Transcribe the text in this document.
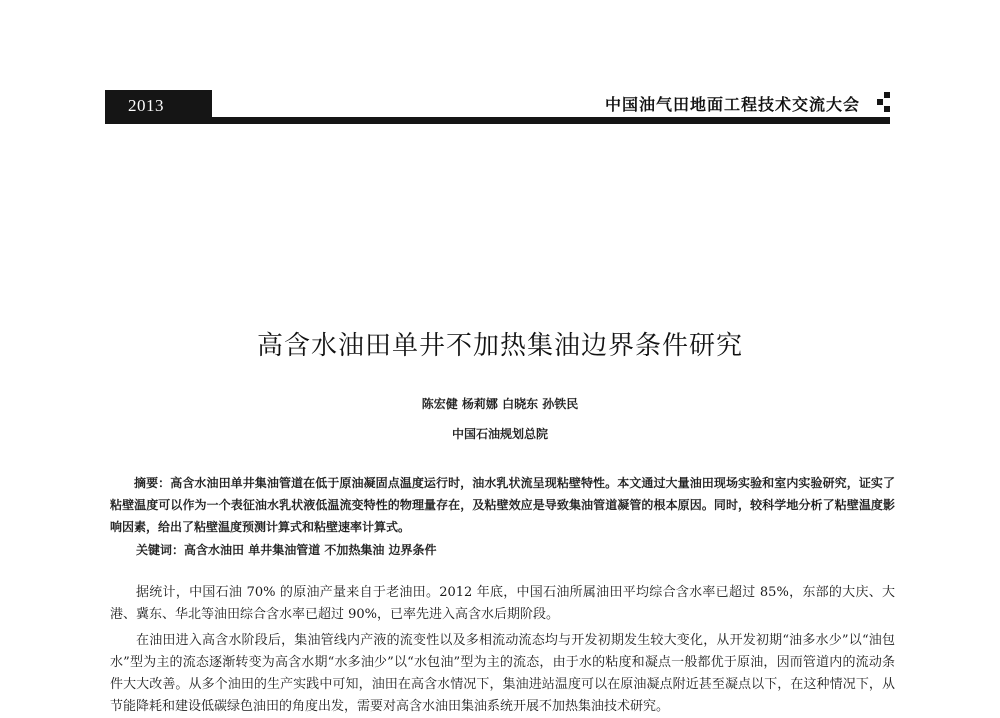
2013	中国油气田地面工程技术交流大会
高含水油田单井不加热集油边界条件研究
陈宏健 杨莉娜 白晓东 孙铁民
中国石油规划总院

摘要：高含水油田单井集油管道在低于原油凝固点温度运行时，油水乳状流呈现粘壁特性。本文通过大量油田现场实验和室内实验研究，证实了粘壁温度可以作为一个表征油水乳状液低温流变特性的物理量存在，及粘壁效应是导致集油管道凝管的根本原因。同时，较科学地分析了粘壁温度影响因素，给出了粘壁温度预测计算式和粘壁速率计算式。

关键词：高含水油田 单井集油管道 不加热集油 边界条件

据统计，中国石油 70% 的原油产量来自于老油田。2012 年底，中国石油所属油田平均综合含水率已超过 85%，东部的大庆、大港、冀东、华北等油田综合含水率已超过 90%，已率先进入高含水后期阶段。

在油田进入高含水阶段后，集油管线内产液的流变性以及多相流动流态均与开发初期发生较大变化，从开发初期“油多水少”以“油包水”型为主的流态逐渐转变为高含水期“水多油少”以“水包油”型为主的流态，由于水的粘度和凝点一般都优于原油，因而管道内的流动条件大大改善。从多个油田的生产实践中可知，油田在高含水情况下，集油进站温度可以在原油凝点附近甚至凝点以下，在这种情况下，从节能降耗和建设低碳绿色油田的角度出发，需要对高含水油田集油系统开展不加热集油技术研究。
